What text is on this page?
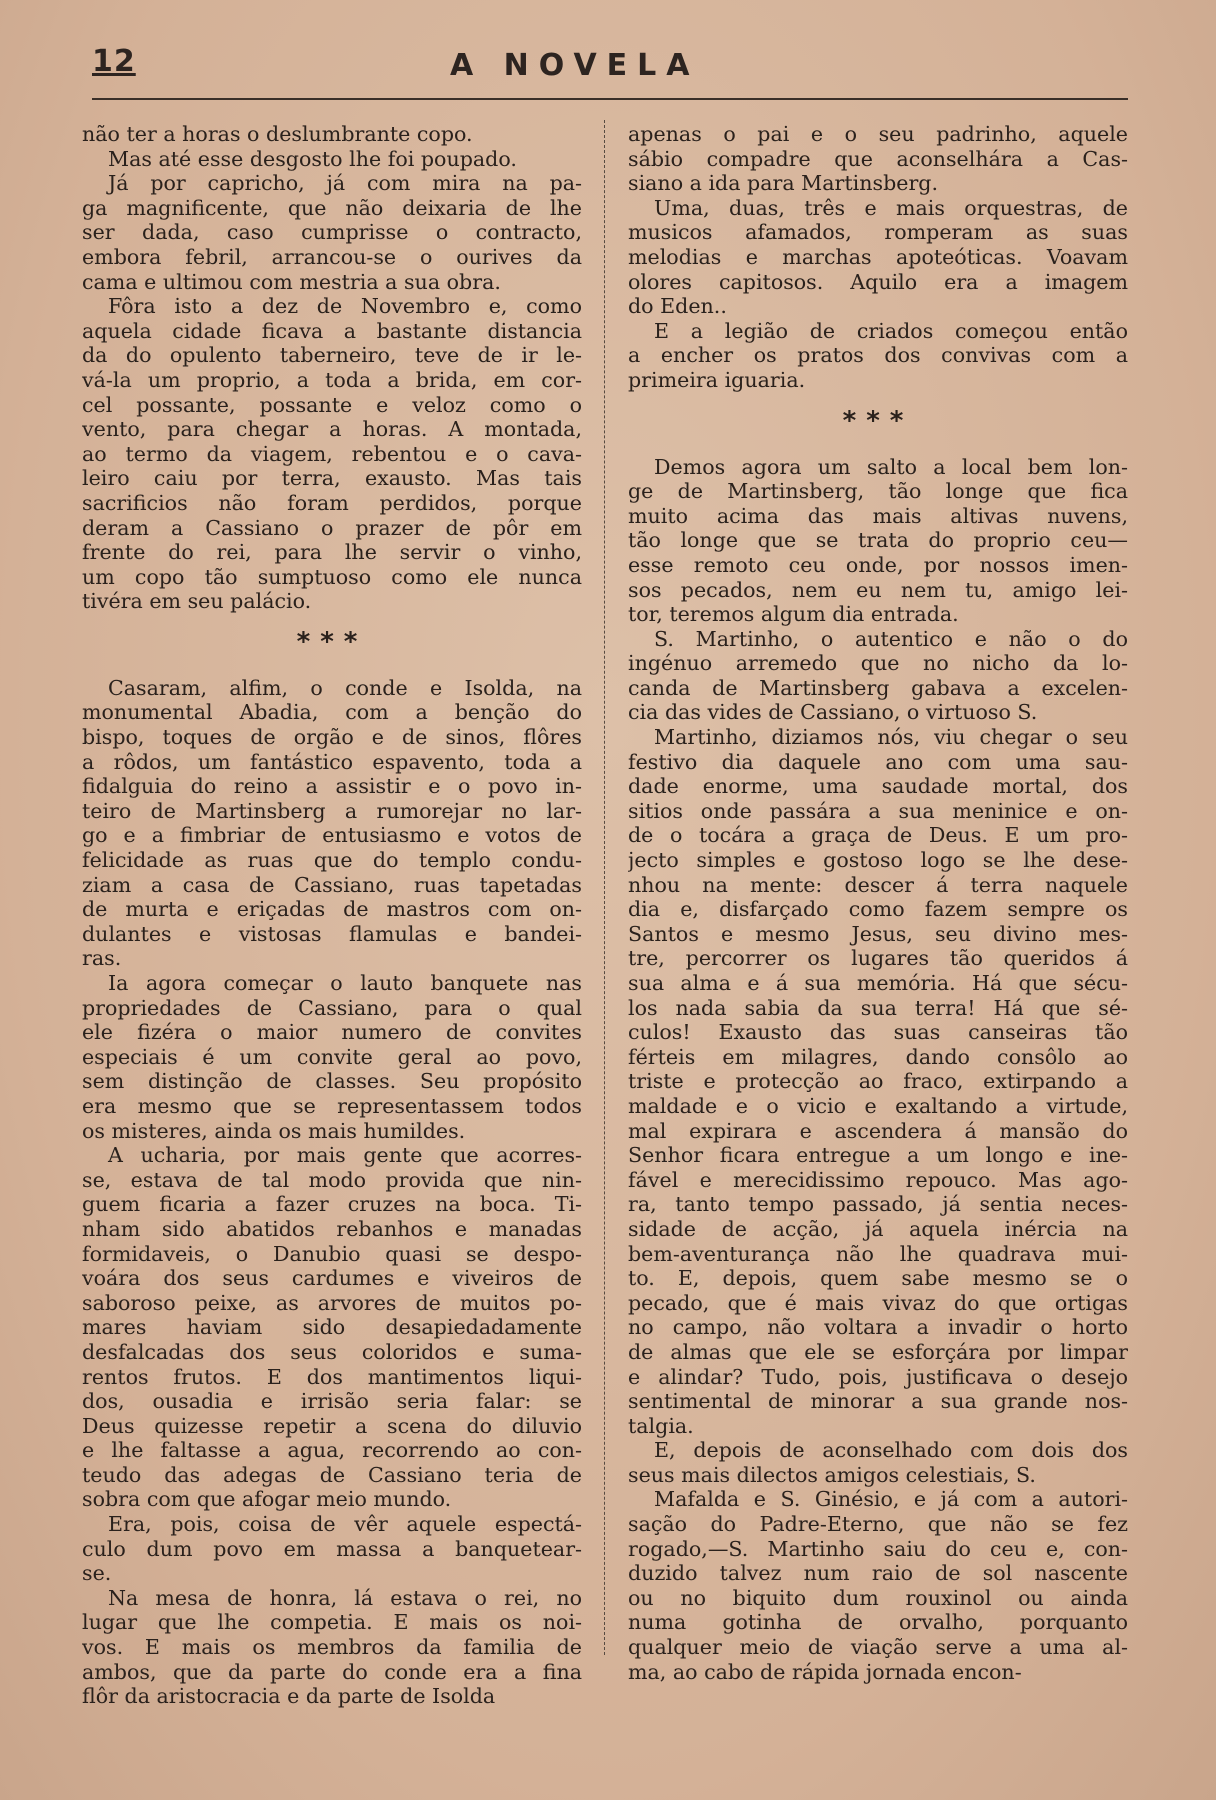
12	A NOVELA
não ter a horas o deslumbrante copo.
Mas até esse desgosto lhe foi poupado.
Já por capricho, já com mira na pa-
ga magnificente, que não deixaria de lhe
ser dada, caso cumprisse o contracto,
embora febril, arrancou-se o ourives da
cama e ultimou com mestria a sua obra.
Fôra isto a dez de Novembro e, como
aquela cidade ficava a bastante distancia
da do opulento taberneiro, teve de ir le-
vá-la um proprio, a toda a brida, em cor-
cel possante, possante e veloz como o
vento, para chegar a horas. A montada,
ao termo da viagem, rebentou e o cava-
leiro caiu por terra, exausto. Mas tais
sacrificios não foram perdidos, porque
deram a Cassiano o prazer de pôr em
frente do rei, para lhe servir o vinho,
um copo tão sumptuoso como ele nunca
tivéra em seu palácio.
***
Casaram, alfim, o conde e Isolda, na
monumental Abadia, com a benção do
bispo, toques de orgão e de sinos, flôres
a rôdos, um fantástico espavento, toda a
fidalguia do reino a assistir e o povo in-
teiro de Martinsberg a rumorejar no lar-
go e a fimbriar de entusiasmo e votos de
felicidade as ruas que do templo condu-
ziam a casa de Cassiano, ruas tapetadas
de murta e eriçadas de mastros com on-
dulantes e vistosas flamulas e bandei-
ras.
Ia agora começar o lauto banquete nas
propriedades de Cassiano, para o qual
ele fizéra o maior numero de convites
especiais é um convite geral ao povo,
sem distinção de classes. Seu propósito
era mesmo que se representassem todos
os misteres, ainda os mais humildes.
A ucharia, por mais gente que acorres-
se, estava de tal modo provida que nin-
guem ficaria a fazer cruzes na boca. Ti-
nham sido abatidos rebanhos e manadas
formidaveis, o Danubio quasi se despo-
voára dos seus cardumes e viveiros de
saboroso peixe, as arvores de muitos po-
mares haviam sido desapiedadamente
desfalcadas dos seus coloridos e suma-
rentos frutos. E dos mantimentos liqui-
dos, ousadia e irrisão seria falar: se
Deus quizesse repetir a scena do diluvio
e lhe faltasse a agua, recorrendo ao con-
teudo das adegas de Cassiano teria de
sobra com que afogar meio mundo.
Era, pois, coisa de vêr aquele espectá-
culo dum povo em massa a banquetear-
se.
Na mesa de honra, lá estava o rei, no
lugar que lhe competia. E mais os noi-
vos. E mais os membros da familia de
ambos, que da parte do conde era a fina
flôr da aristocracia e da parte de Isolda
apenas o pai e o seu padrinho, aquele
sábio compadre que aconselhára a Cas-
siano a ida para Martinsberg.
Uma, duas, três e mais orquestras, de
musicos afamados, romperam as suas
melodias e marchas apoteóticas. Voavam
olores capitosos. Aquilo era a imagem
do Eden..
E a legião de criados começou então
a encher os pratos dos convivas com a
primeira iguaria.
***
Demos agora um salto a local bem lon-
ge de Martinsberg, tão longe que fica
muito acima das mais altivas nuvens,
tão longe que se trata do proprio ceu—
esse remoto ceu onde, por nossos imen-
sos pecados, nem eu nem tu, amigo lei-
tor, teremos algum dia entrada.
S. Martinho, o autentico e não o do
ingénuo arremedo que no nicho da lo-
canda de Martinsberg gabava a excelen-
cia das vides de Cassiano, o virtuoso S.
Martinho, diziamos nós, viu chegar o seu
festivo dia daquele ano com uma sau-
dade enorme, uma saudade mortal, dos
sitios onde passára a sua meninice e on-
de o tocára a graça de Deus. E um pro-
jecto simples e gostoso logo se lhe dese-
nhou na mente: descer á terra naquele
dia e, disfarçado como fazem sempre os
Santos e mesmo Jesus, seu divino mes-
tre, percorrer os lugares tão queridos á
sua alma e á sua memória. Há que sécu-
los nada sabia da sua terra! Há que sé-
culos! Exausto das suas canseiras tão
férteis em milagres, dando consôlo ao
triste e protecção ao fraco, extirpando a
maldade e o vicio e exaltando a virtude,
mal expirara e ascendera á mansão do
Senhor ficara entregue a um longo e ine-
fável e merecidissimo repouco. Mas ago-
ra, tanto tempo passado, já sentia neces-
sidade de acção, já aquela inércia na
bem-aventurança não lhe quadrava mui-
to. E, depois, quem sabe mesmo se o
pecado, que é mais vivaz do que ortigas
no campo, não voltara a invadir o horto
de almas que ele se esforçára por limpar
e alindar? Tudo, pois, justificava o desejo
sentimental de minorar a sua grande nos-
talgia.
E, depois de aconselhado com dois dos
seus mais dilectos amigos celestiais, S.
Mafalda e S. Ginésio, e já com a autori-
sação do Padre-Eterno, que não se fez
rogado,—S. Martinho saiu do ceu e, con-
duzido talvez num raio de sol nascente
ou no biquito dum rouxinol ou ainda
numa gotinha de orvalho, porquanto
qualquer meio de viação serve a uma al-
ma, ao cabo de rápida jornada encon-
